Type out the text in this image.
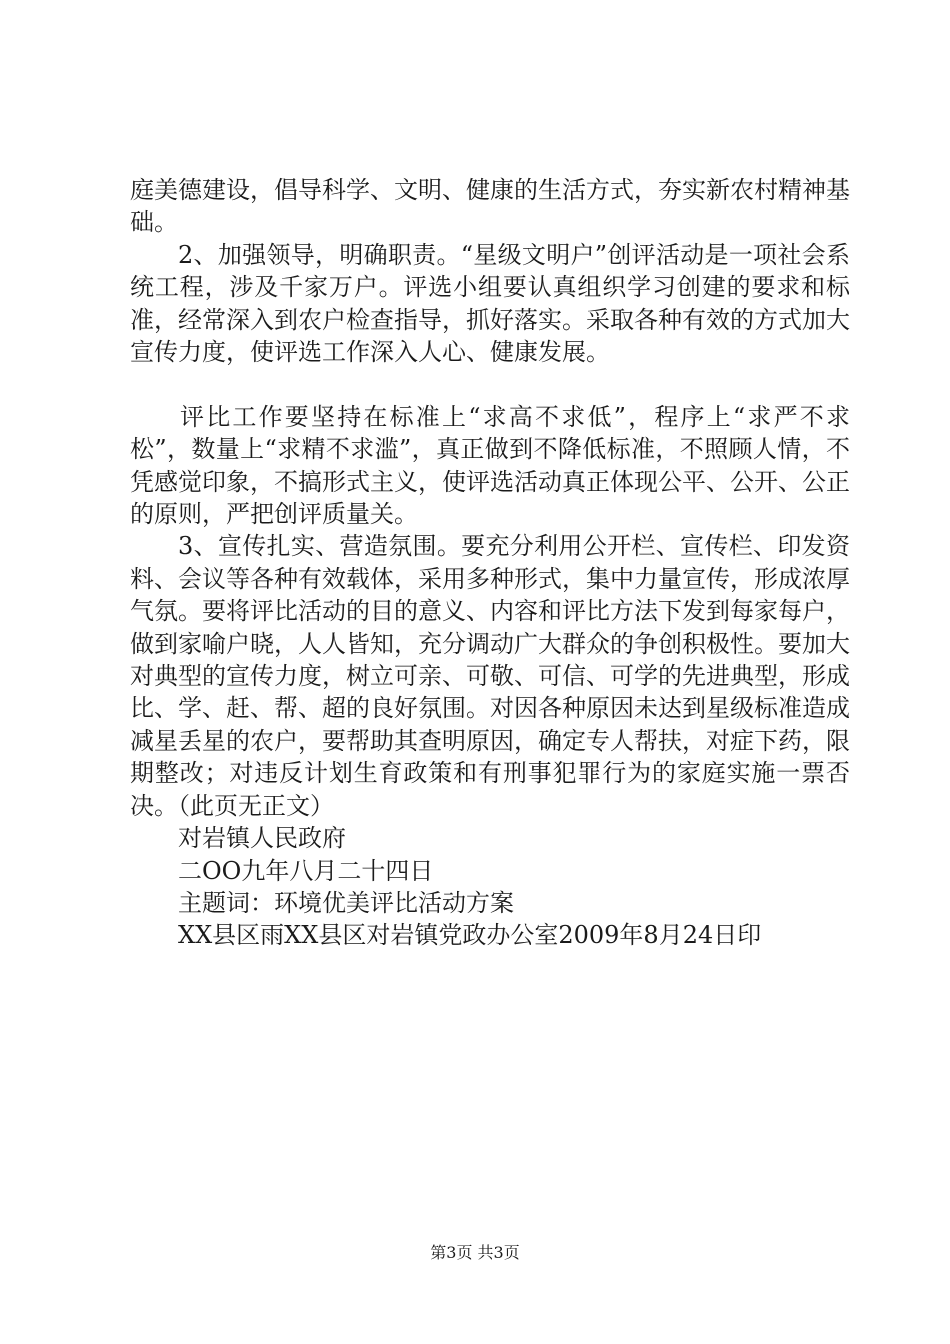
庭美德建设，倡导科学、文明、健康的生活方式，夯实新农村精神基础。

2、加强领导，明确职责。“星级文明户”创评活动是一项社会系统工程，涉及千家万户。评选小组要认真组织学习创建的要求和标准，经常深入到农户检查指导，抓好落实。采取各种有效的方式加大宣传力度，使评选工作深入人心、健康发展。

评比工作要坚持在标准上“求高不求低”，程序上“求严不求松”，数量上“求精不求滥”，真正做到不降低标准，不照顾人情，不凭感觉印象，不搞形式主义，使评选活动真正体现公平、公开、公正的原则，严把创评质量关。

3、宣传扎实、营造氛围。要充分利用公开栏、宣传栏、印发资料、会议等各种有效载体，采用多种形式，集中力量宣传，形成浓厚气氛。要将评比活动的目的意义、内容和评比方法下发到每家每户，做到家喻户晓，人人皆知，充分调动广大群众的争创积极性。要加大对典型的宣传力度，树立可亲、可敬、可信、可学的先进典型，形成比、学、赶、帮、超的良好氛围。对因各种原因未达到星级标准造成减星丢星的农户，要帮助其查明原因，确定专人帮扶，对症下药，限期整改；对违反计划生育政策和有刑事犯罪行为的家庭实施一票否决。（此页无正文）

对岩镇人民政府

二OO九年八月二十四日

主题词：环境优美评比活动方案

XX县区雨XX县区对岩镇党政办公室2009年8月24日印

第3页 共3页
